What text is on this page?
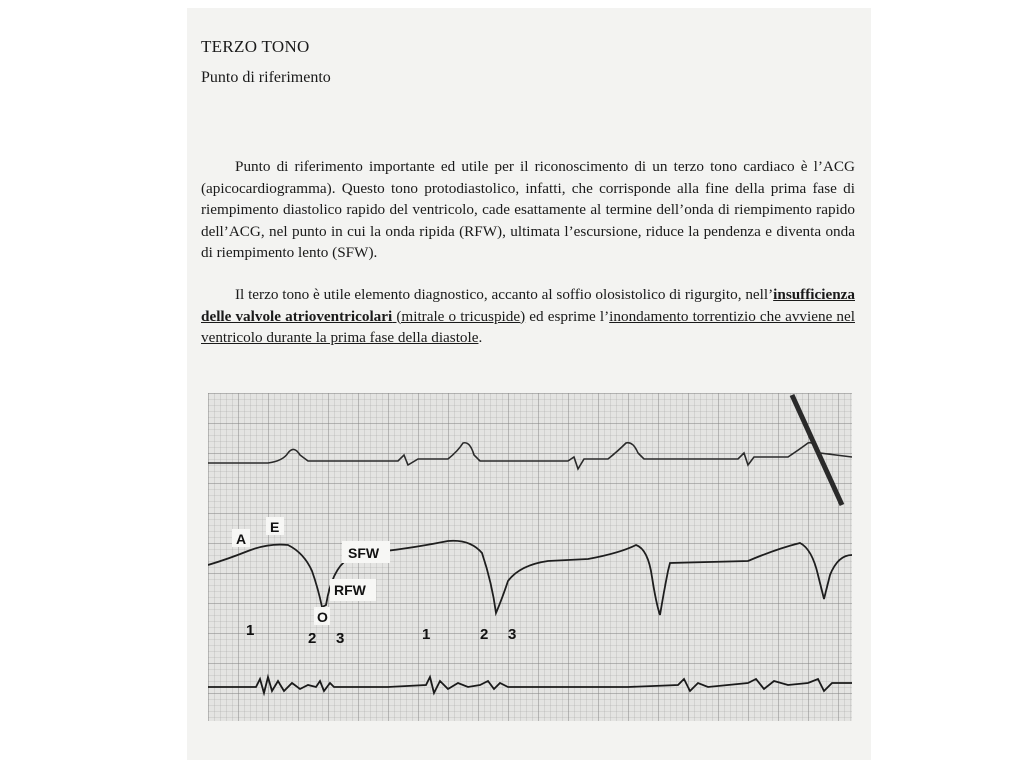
TERZO TONO
Punto di riferimento

Punto di riferimento importante ed utile per il riconoscimento di un terzo tono cardiaco è l’ACG (apicocardiogramma). Questo tono protodiastolico, infatti, che corrisponde alla fine della prima fase di riempimento diastolico rapido del ventricolo, cade esattamente al termine dell’onda di riempimento rapido dell’ACG, nel punto in cui la onda ripida (RFW), ultimata l’escursione, riduce la pendenza e diventa onda di riempimento lento (SFW).

Il terzo tono è utile elemento diagnostico, accanto al soffio olosistolico di rigurgito, nell’insufficienza delle valvole atrioventricolari (mitrale o tricuspide) ed esprime l’inondamento torrentizio che avviene nel ventricolo durante la prima fase della diastole.

A
E
SFW
RFW
O
1	2 3	1	2 3
